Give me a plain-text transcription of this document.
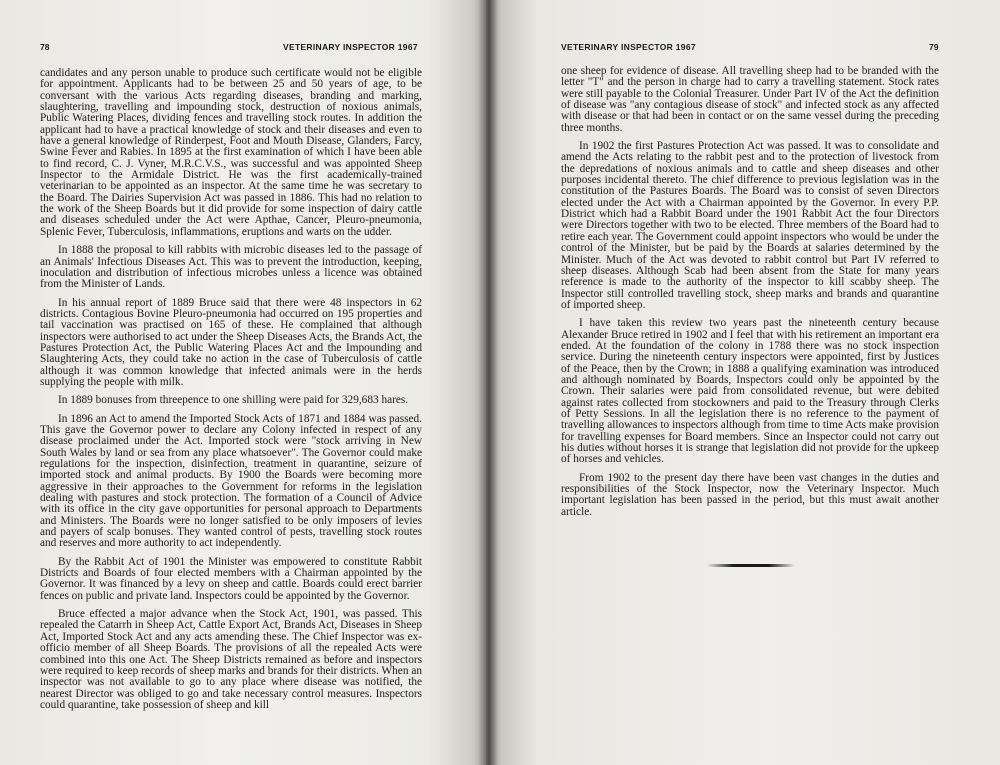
78	VETERINARY INSPECTOR 1967

candidates and any person unable to produce such certificate would not be eligible for appointment. Applicants had to be between 25 and 50 years of age, to be conversant with the various Acts regarding diseases, branding and marking, slaughtering, travelling and impounding stock, destruction of noxious animals, Public Watering Places, dividing fences and travelling stock routes. In addition the applicant had to have a practical knowledge of stock and their diseases and even to have a general knowledge of Rinderpest, Foot and Mouth Disease, Glanders, Farcy, Swine Fever and Rabies. In 1895 at the first examination of which I have been able to find record, C. J. Vyner, M.R.C.V.S., was successful and was appointed Sheep Inspector to the Armidale District. He was the first academically-trained veterinarian to be appointed as an inspector. At the same time he was secretary to the Board. The Dairies Supervision Act was passed in 1886. This had no relation to the work of the Sheep Boards but it did provide for some inspection of dairy cattle and diseases scheduled under the Act were Apthae, Cancer, Pleuro-pneumonia, Splenic Fever, Tuberculosis, inflammations, eruptions and warts on the udder.

In 1888 the proposal to kill rabbits with microbic diseases led to the passage of an Animals' Infectious Diseases Act. This was to prevent the introduction, keeping, inoculation and distribution of infectious microbes unless a licence was obtained from the Minister of Lands.

In his annual report of 1889 Bruce said that there were 48 inspectors in 62 districts. Contagious Bovine Pleuro-pneumonia had occurred on 195 properties and tail vaccination was practised on 165 of these. He complained that although inspectors were authorised to act under the Sheep Diseases Acts, the Brands Act, the Pastures Protection Act, the Public Watering Places Act and the Impounding and Slaughtering Acts, they could take no action in the case of Tuberculosis of cattle although it was common knowledge that infected animals were in the herds supplying the people with milk.

In 1889 bonuses from threepence to one shilling were paid for 329,683 hares.

In 1896 an Act to amend the Imported Stock Acts of 1871 and 1884 was passed. This gave the Governor power to declare any Colony infected in respect of any disease proclaimed under the Act. Imported stock were "stock arriving in New South Wales by land or sea from any place whatsoever". The Governor could make regulations for the inspection, disinfection, treatment in quarantine, seizure of imported stock and animal products. By 1900 the Boards were becoming more aggressive in their approaches to the Government for reforms in the legislation dealing with pastures and stock protection. The formation of a Council of Advice with its office in the city gave opportunities for personal approach to Departments and Ministers. The Boards were no longer satisfied to be only imposers of levies and payers of scalp bonuses. They wanted control of pests, travelling stock routes and reserves and more authority to act independently.

By the Rabbit Act of 1901 the Minister was empowered to constitute Rabbit Districts and Boards of four elected members with a Chairman appointed by the Governor. It was financed by a levy on sheep and cattle. Boards could erect barrier fences on public and private land. Inspectors could be appointed by the Governor.

Bruce effected a major advance when the Stock Act, 1901, was passed. This repealed the Catarrh in Sheep Act, Cattle Export Act, Brands Act, Diseases in Sheep Act, Imported Stock Act and any acts amending these. The Chief Inspector was ex-officio member of all Sheep Boards. The provisions of all the repealed Acts were combined into this one Act. The Sheep Districts remained as before and inspectors were required to keep records of sheep marks and brands for their districts. When an inspector was not available to go to any place where disease was notified, the nearest Director was obliged to go and take necessary control measures. Inspectors could quarantine, take possession of sheep and kill

VETERINARY INSPECTOR 1967	79

one sheep for evidence of disease. All travelling sheep had to be branded with the letter "T" and the person in charge had to carry a travelling statement. Stock rates were still payable to the Colonial Treasurer. Under Part IV of the Act the definition of disease was "any contagious disease of stock" and infected stock as any affected with disease or that had been in contact or on the same vessel during the preceding three months.

In 1902 the first Pastures Protection Act was passed. It was to consolidate and amend the Acts relating to the rabbit pest and to the protection of livestock from the depredations of noxious animals and to cattle and sheep diseases and other purposes incidental thereto. The chief difference to previous legislation was in the constitution of the Pastures Boards. The Board was to consist of seven Directors elected under the Act with a Chairman appointed by the Governor. In every P.P. District which had a Rabbit Board under the 1901 Rabbit Act the four Directors were Directors together with two to be elected. Three members of the Board had to retire each year. The Government could appoint inspectors who would be under the control of the Minister, but be paid by the Boards at salaries determined by the Minister. Much of the Act was devoted to rabbit control but Part IV referred to sheep diseases. Although Scab had been absent from the State for many years reference is made to the authority of the inspector to kill scabby sheep. The Inspector still controlled travelling stock, sheep marks and brands and quarantine of imported sheep.

I have taken this review two years past the nineteenth century because Alexander Bruce retired in 1902 and I feel that with his retirement an important era ended. At the foundation of the colony in 1788 there was no stock inspection service. During the nineteenth century inspectors were appointed, first by Justices of the Peace, then by the Crown; in 1888 a qualifying examination was introduced and although nominated by Boards, Inspectors could only be appointed by the Crown. Their salaries were paid from consolidated revenue, but were debited against rates collected from stockowners and paid to the Treasury through Clerks of Petty Sessions. In all the legislation there is no reference to the payment of travelling allowances to inspectors although from time to time Acts make provision for travelling expenses for Board members. Since an Inspector could not carry out his duties without horses it is strange that legislation did not provide for the upkeep of horses and vehicles.

From 1902 to the present day there have been vast changes in the duties and responsibilities of the Stock Inspector, now the Veterinary Inspector. Much important legislation has been passed in the period, but this must await another article.
